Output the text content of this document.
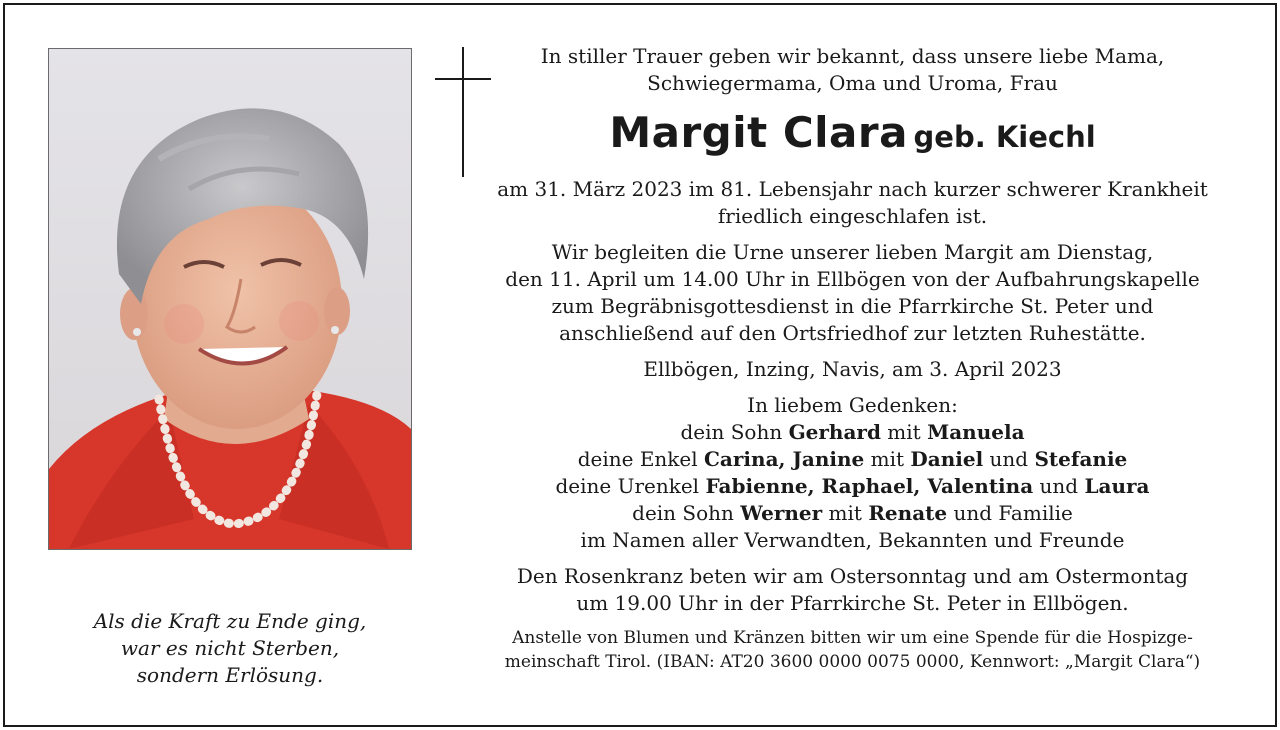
Als die Kraft zu Ende ging,
war es nicht Sterben,
sondern Erlösung.
In stiller Trauer geben wir bekannt, dass unsere liebe Mama,
Schwiegermama, Oma und Uroma, Frau
Margit Clara geb. Kiechl
am 31. März 2023 im 81. Lebensjahr nach kurzer schwerer Krankheit
friedlich eingeschlafen ist.
Wir begleiten die Urne unserer lieben Margit am Dienstag,
den 11. April um 14.00 Uhr in Ellbögen von der Aufbahrungskapelle
zum Begräbnisgottesdienst in die Pfarrkirche St. Peter und
anschließend auf den Ortsfriedhof zur letzten Ruhestätte.
Ellbögen, Inzing, Navis, am 3. April 2023
In liebem Gedenken:
dein Sohn Gerhard mit Manuela
deine Enkel Carina, Janine mit Daniel und Stefanie
deine Urenkel Fabienne, Raphael, Valentina und Laura
dein Sohn Werner mit Renate und Familie
im Namen aller Verwandten, Bekannten und Freunde
Den Rosenkranz beten wir am Ostersonntag und am Ostermontag
um 19.00 Uhr in der Pfarrkirche St. Peter in Ellbögen.
Anstelle von Blumen und Kränzen bitten wir um eine Spende für die Hospizge-
meinschaft Tirol. (IBAN: AT20 3600 0000 0075 0000, Kennwort: „Margit Clara“)
